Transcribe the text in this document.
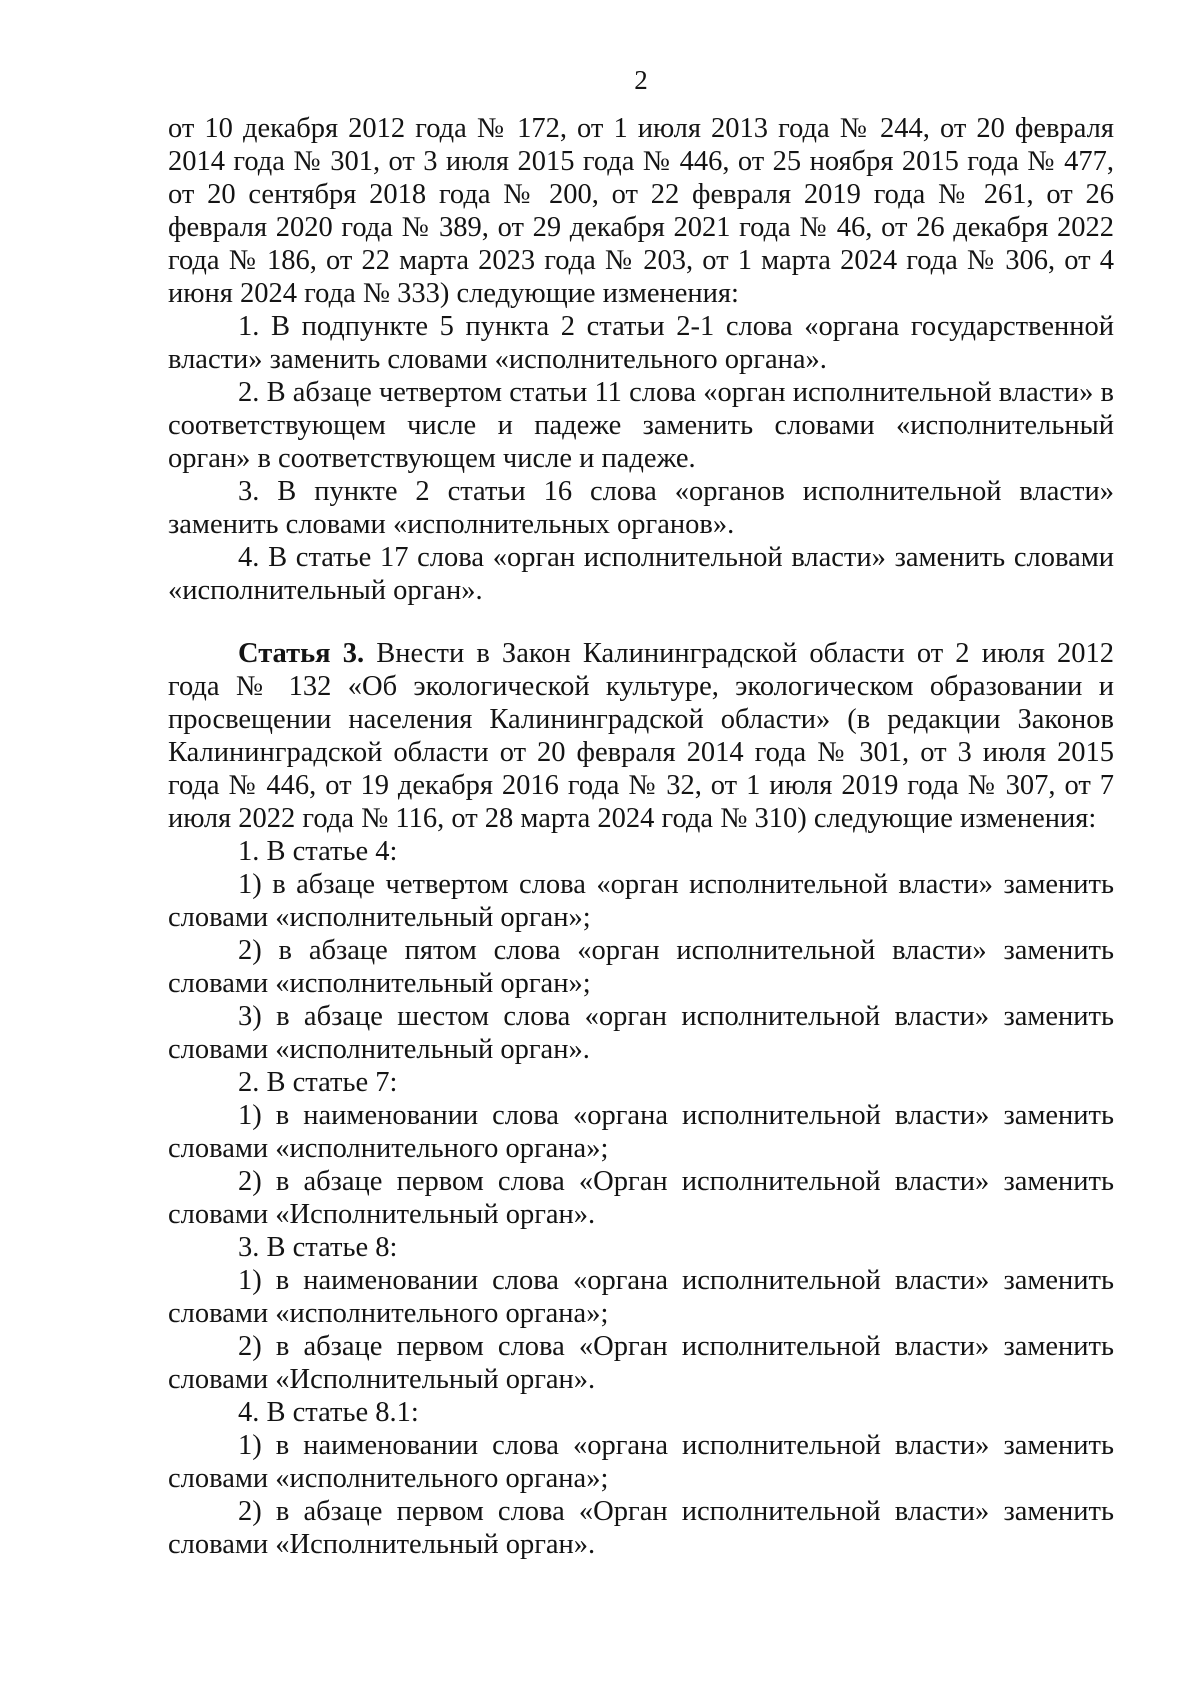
2

от 10 декабря 2012 года № 172, от 1 июля 2013 года № 244, от 20 февраля 2014 года № 301, от 3 июля 2015 года № 446, от 25 ноября 2015 года № 477, от 20 сентября 2018 года № 200, от 22 февраля 2019 года № 261, от 26 февраля 2020 года № 389, от 29 декабря 2021 года № 46, от 26 декабря 2022 года № 186, от 22 марта 2023 года № 203, от 1 марта 2024 года № 306, от 4 июня 2024 года № 333) следующие изменения:

1. В подпункте 5 пункта 2 статьи 2-1 слова «органа государственной власти» заменить словами «исполнительного органа».

2. В абзаце четвертом статьи 11 слова «орган исполнительной власти» в соответствующем числе и падеже заменить словами «исполнительный орган» в соответствующем числе и падеже.

3. В пункте 2 статьи 16 слова «органов исполнительной власти» заменить словами «исполнительных органов».

4. В статье 17 слова «орган исполнительной власти» заменить словами «исполнительный орган».

Статья 3. Внести в Закон Калининградской области от 2 июля 2012 года № 132 «Об экологической культуре, экологическом образовании и просвещении населения Калининградской области» (в редакции Законов Калининградской области от 20 февраля 2014 года № 301, от 3 июля 2015 года № 446, от 19 декабря 2016 года № 32, от 1 июля 2019 года № 307, от 7 июля 2022 года № 116, от 28 марта 2024 года № 310) следующие изменения:

1. В статье 4:

1) в абзаце четвертом слова «орган исполнительной власти» заменить словами «исполнительный орган»;

2) в абзаце пятом слова «орган исполнительной власти» заменить словами «исполнительный орган»;

3) в абзаце шестом слова «орган исполнительной власти» заменить словами «исполнительный орган».

2. В статье 7:

1) в наименовании слова «органа исполнительной власти» заменить словами «исполнительного органа»;

2) в абзаце первом слова «Орган исполнительной власти» заменить словами «Исполнительный орган».

3. В статье 8:

1) в наименовании слова «органа исполнительной власти» заменить словами «исполнительного органа»;

2) в абзаце первом слова «Орган исполнительной власти» заменить словами «Исполнительный орган».

4. В статье 8.1:

1) в наименовании слова «органа исполнительной власти» заменить словами «исполнительного органа»;

2) в абзаце первом слова «Орган исполнительной власти» заменить словами «Исполнительный орган».
